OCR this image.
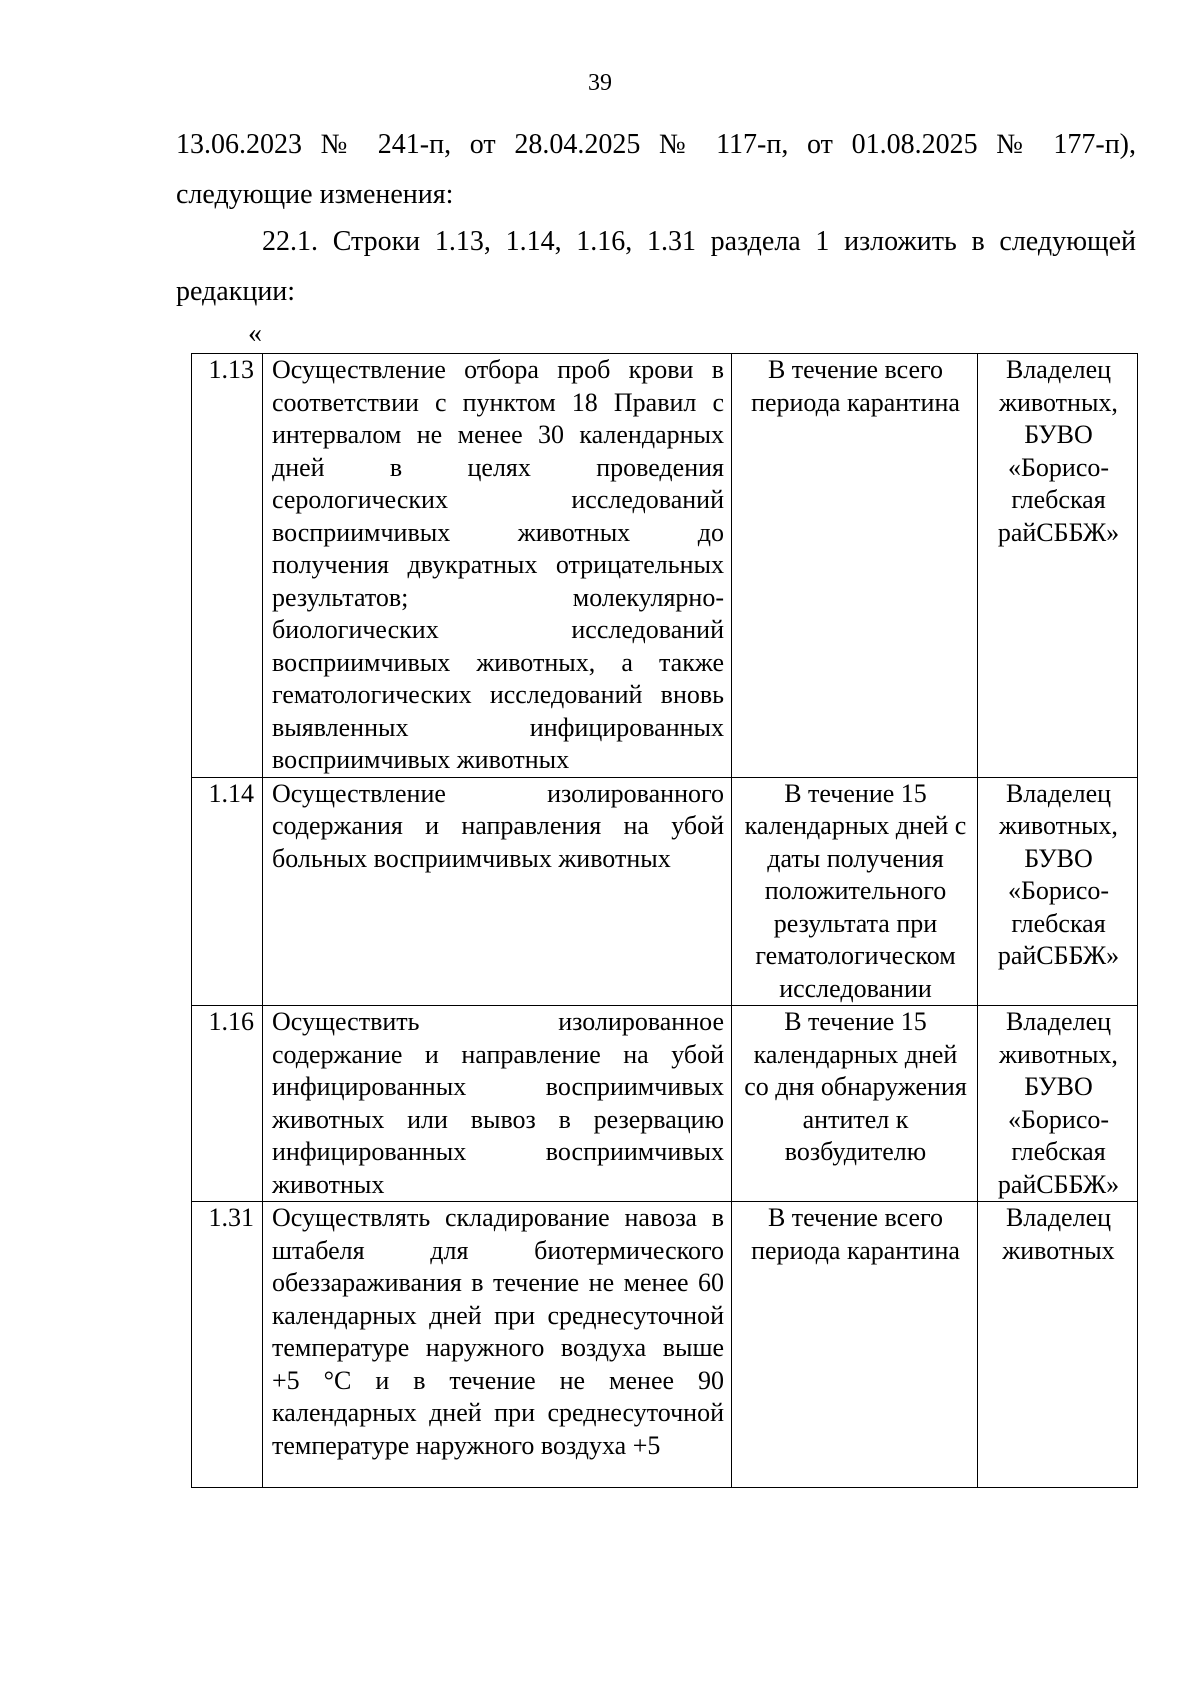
39
13.06.2023 № 241-п, от 28.04.2025 № 117-п, от 01.08.2025 № 177-п),
следующие изменения:
22.1. Строки 1.13, 1.14, 1.16, 1.31 раздела 1 изложить в следующей
редакции:
«
1.13	Осуществление отбора проб крови в соответствии с пунктом 18 Правил с интервалом не менее 30 календарных дней в целях проведения серологических исследований восприимчивых животных до получения двукратных отрицательных результатов; молекулярно-биологических исследований восприимчивых животных, а также гематологических исследований вновь выявленных инфицированных восприимчивых животных	В течение всего периода карантина	Владелец животных, БУВО «Борисо-глебская райСББЖ»
1.14	Осуществление изолированного содержания и направления на убой больных восприимчивых животных	В течение 15 календарных дней с даты получения положительного результата при гематологическом исследовании	Владелец животных, БУВО «Борисо-глебская райСББЖ»
1.16	Осуществить изолированное содержание и направление на убой инфицированных восприимчивых животных или вывоз в резервацию инфицированных восприимчивых животных	В течение 15 календарных дней со дня обнаружения антител к возбудителю	Владелец животных, БУВО «Борисо-глебская райСББЖ»
1.31	Осуществлять складирование навоза в штабеля для биотермического обеззараживания в течение не менее 60 календарных дней при среднесуточной температуре наружного воздуха выше +5 °C и в течение не менее 90 календарных дней при среднесуточной температуре наружного воздуха +5	В течение всего периода карантина	Владелец животных
